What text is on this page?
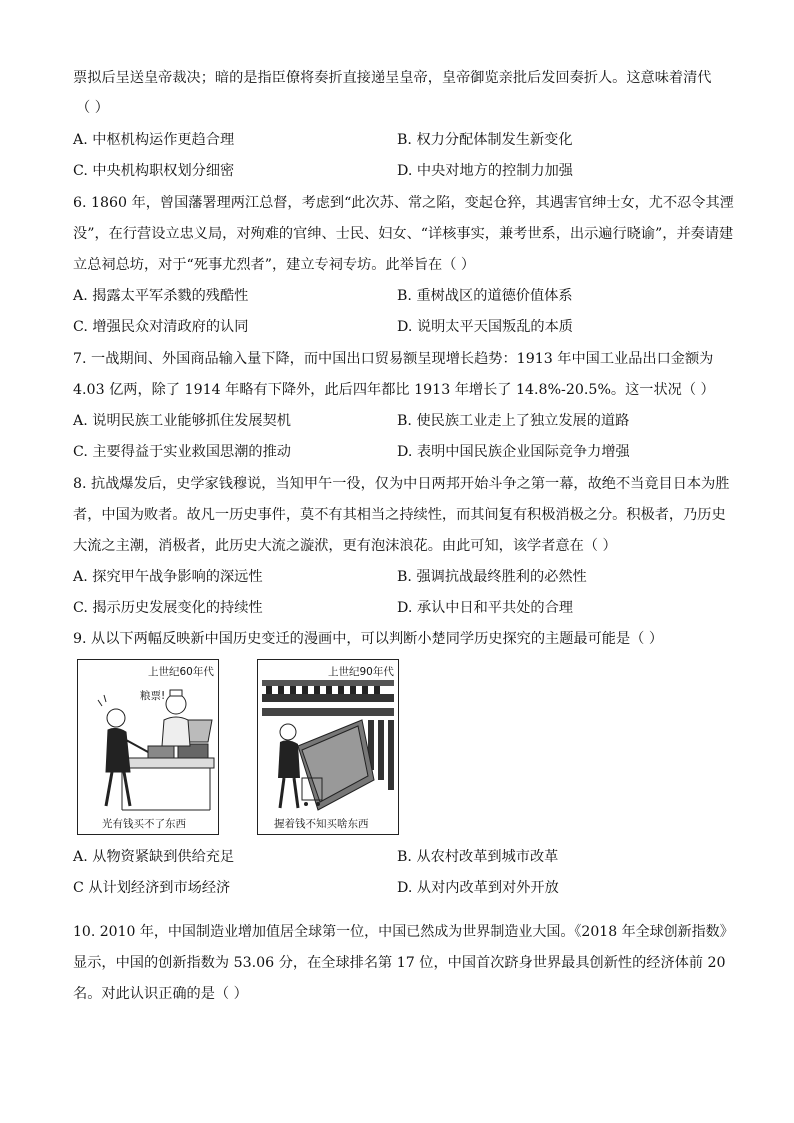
票拟后呈送皇帝裁决；暗的是指臣僚将奏折直接递呈皇帝，皇帝御览亲批后发回奏折人。这意味着清代
（ ）
A. 中枢机构运作更趋合理	B. 权力分配体制发生新变化
C. 中央机构职权划分细密	D. 中央对地方的控制力加强
6. 1860 年，曾国藩署理两江总督，考虑到“此次苏、常之陷，变起仓猝，其遇害官绅士女，尤不忍令其湮
没”，在行营设立忠义局，对殉难的官绅、士民、妇女、“详核事实，兼考世系，出示遍行晓谕”，并奏请建
立总祠总坊，对于“死事尤烈者”，建立专祠专坊。此举旨在（ ）
A. 揭露太平军杀戮的残酷性	B. 重树战区的道德价值体系
C. 增强民众对清政府的认同	D. 说明太平天国叛乱的本质
7. 一战期间、外国商品输入量下降，而中国出口贸易额呈现增长趋势：1913 年中国工业品出口金额为
4.03 亿两，除了 1914 年略有下降外，此后四年都比 1913 年增长了 14.8%-20.5%。这一状况（ ）
A. 说明民族工业能够抓住发展契机	B. 使民族工业走上了独立发展的道路
C. 主要得益于实业救国思潮的推动	D. 表明中国民族企业国际竞争力增强
8. 抗战爆发后，史学家钱穆说，当知甲午一役，仅为中日两邦开始斗争之第一幕，故绝不当竟目日本为胜
者，中国为败者。故凡一历史事件，莫不有其相当之持续性，而其间复有积极消极之分。积极者，乃历史
大流之主潮，消极者，此历史大流之漩洑，更有泡沫浪花。由此可知，该学者意在（ ）
A. 探究甲午战争影响的深远性	B. 强调抗战最终胜利的必然性
C. 揭示历史发展变化的持续性	D. 承认中日和平共处的合理
9. 从以下两幅反映新中国历史变迁的漫画中，可以判断小楚同学历史探究的主题最可能是（ ）
上世纪60年代
粮票!
光有钱买不了东西
上世纪90年代
握着钱不知买啥东西
A. 从物资紧缺到供给充足	B. 从农村改革到城市改革
C 从计划经济到市场经济	D. 从对内改革到对外开放
10. 2010 年，中国制造业增加值居全球第一位，中国已然成为世界制造业大国。《2018 年全球创新指数》
显示，中国的创新指数为 53.06 分，在全球排名第 17 位，中国首次跻身世界最具创新性的经济体前 20
名。对此认识正确的是（ ）
